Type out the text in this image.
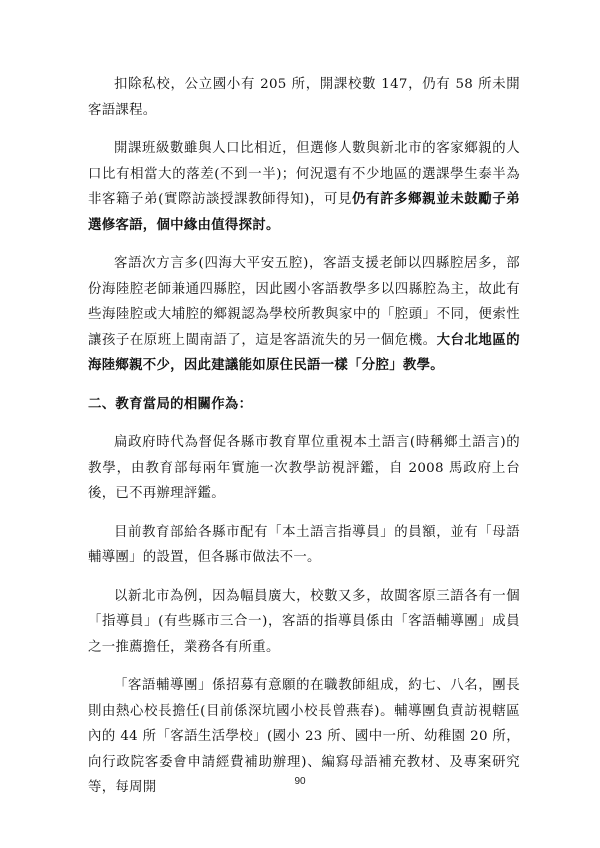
扣除私校，公立國小有 205 所，開課校數 147，仍有 58 所未開客語課程。

開課班級數雖與人口比相近，但選修人數與新北市的客家鄉親的人口比有相當大的落差(不到一半)；何況還有不少地區的選課學生泰半為非客籍子弟(實際訪談授課教師得知)，可見仍有許多鄉親並未鼓勵子弟選修客語，個中緣由值得探討。

客語次方言多(四海大平安五腔)，客語支援老師以四縣腔居多，部份海陸腔老師兼通四縣腔，因此國小客語教學多以四縣腔為主，故此有些海陸腔或大埔腔的鄉親認為學校所教與家中的「腔頭」不同，便索性讓孩子在原班上閩南語了，這是客語流失的另一個危機。大台北地區的海陸鄉親不少，因此建議能如原住民語一樣「分腔」教學。

二、教育當局的相關作為：

扁政府時代為督促各縣市教育單位重視本土語言(時稱鄉土語言)的教學，由教育部每兩年實施一次教學訪視評鑑，自 2008 馬政府上台後，已不再辦理評鑑。

目前教育部給各縣市配有「本土語言指導員」的員額，並有「母語輔導團」的設置，但各縣市做法不一。

以新北市為例，因為幅員廣大，校數又多，故閩客原三語各有一個「指導員」(有些縣市三合一)，客語的指導員係由「客語輔導團」成員之一推薦擔任，業務各有所重。

「客語輔導團」係招募有意願的在職教師組成，約七、八名，團長則由熱心校長擔任(目前係深坑國小校長曾燕春)。輔導團負責訪視轄區內的 44 所「客語生活學校」(國小 23 所、國中一所、幼稚園 20 所，向行政院客委會申請經費補助辦理)、編寫母語補充教材、及專案研究等，每周開	90
